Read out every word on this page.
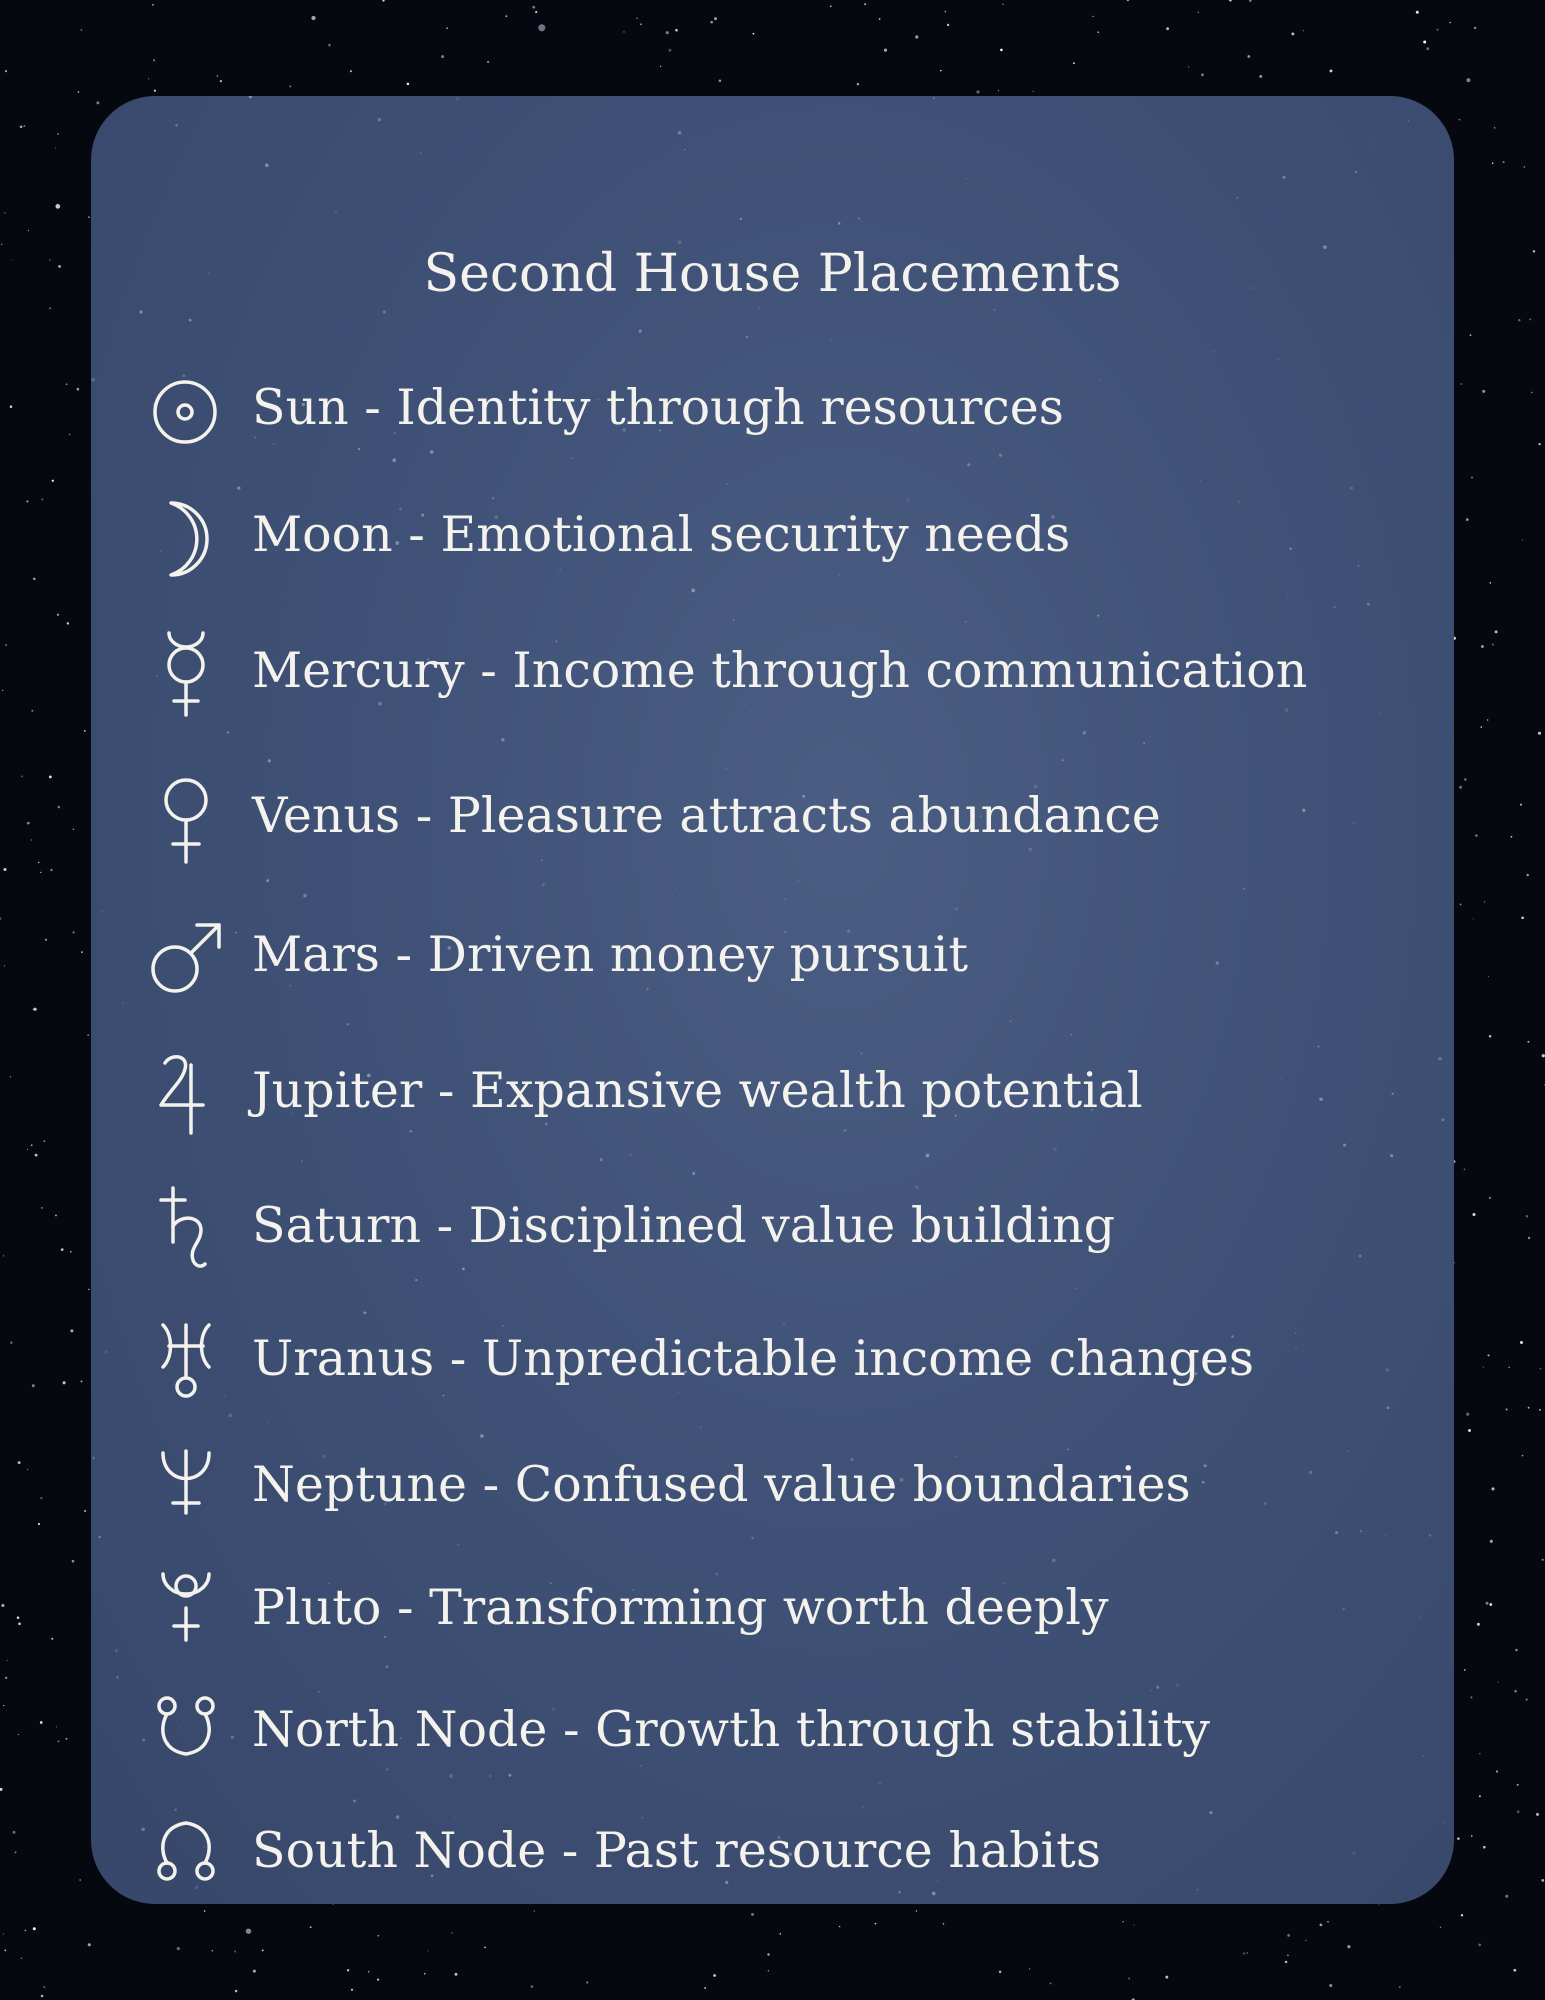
Second House Placements

Sun - Identity through resources

Moon - Emotional security needs

Mercury - Income through communication

Venus - Pleasure attracts abundance

Mars - Driven money pursuit

Jupiter - Expansive wealth potential

Saturn - Disciplined value building

Uranus - Unpredictable income changes

Neptune - Confused value boundaries

Pluto - Transforming worth deeply

North Node - Growth through stability

South Node - Past resource habits
